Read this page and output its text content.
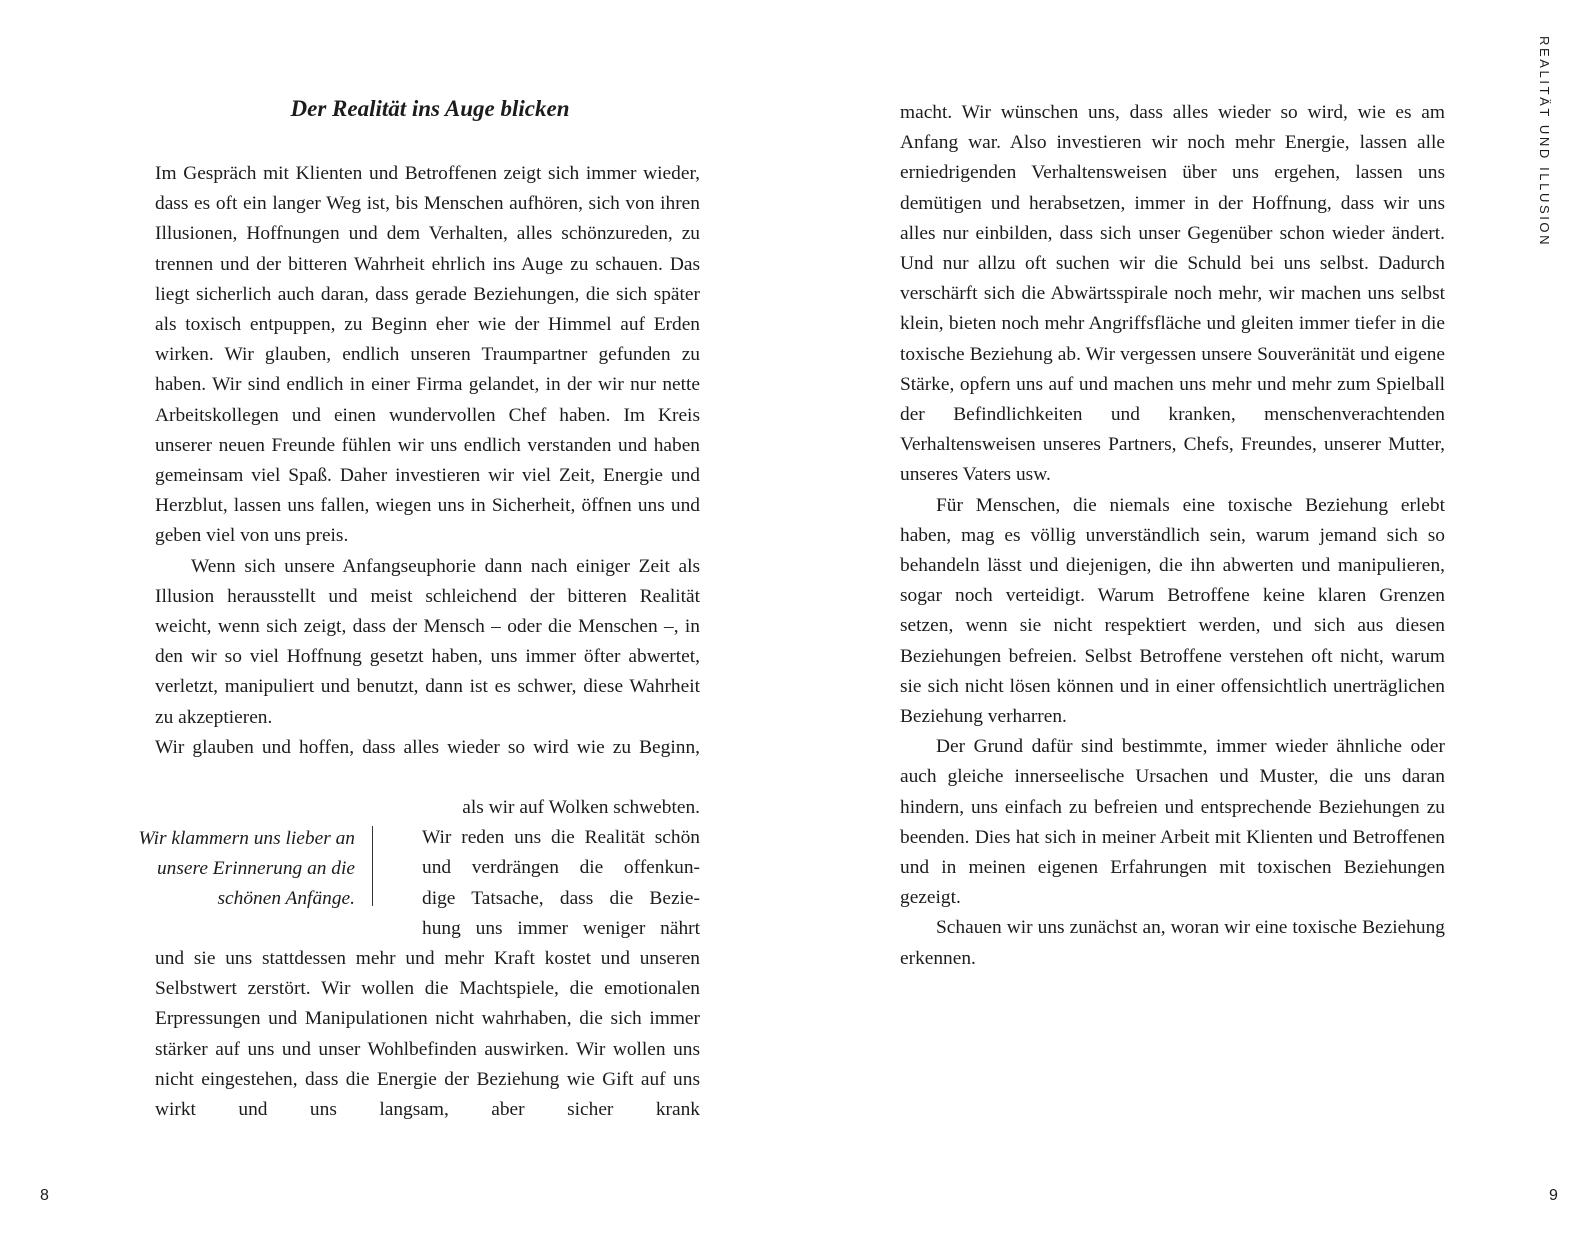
Der Realität ins Auge blicken

Im Gespräch mit Klienten und Betroffenen zeigt sich immer wieder, dass es oft ein langer Weg ist, bis Menschen aufhören, sich von ihren Illusionen, Hoffnungen und dem Verhalten, alles schönzureden, zu trennen und der bitteren Wahrheit ehrlich ins Auge zu schauen. Das liegt sicherlich auch daran, dass gerade Beziehungen, die sich später als toxisch entpuppen, zu Beginn eher wie der Himmel auf Erden wirken. Wir glauben, endlich unseren Traumpartner gefunden zu haben. Wir sind endlich in einer Firma gelandet, in der wir nur nette Arbeitskollegen und einen wundervollen Chef haben. Im Kreis unserer neuen Freunde fühlen wir uns endlich verstanden und haben gemeinsam viel Spaß. Daher investieren wir viel Zeit, Energie und Herzblut, lassen uns fallen, wiegen uns in Sicherheit, öffnen uns und geben viel von uns preis.

Wenn sich unsere Anfangseuphorie dann nach einiger Zeit als Illusion herausstellt und meist schleichend der bitteren Realität weicht, wenn sich zeigt, dass der Mensch – oder die Menschen –, in den wir so viel Hoffnung gesetzt haben, uns immer öfter abwertet, verletzt, manipuliert und benutzt, dann ist es schwer, diese Wahrheit zu akzeptieren.

Wir glauben und hoffen, dass alles wieder so wird wie zu Beginn,

als wir auf Wolken schwebten.
Wir reden uns die Realität schön
und verdrängen die offenkun-
dige Tatsache, dass die Bezie-
hung uns immer weniger nährt
Wir klammern uns lieber an
unsere Erinnerung an die
schönen Anfänge.

und sie uns stattdessen mehr und mehr Kraft kostet und unseren Selbstwert zerstört. Wir wollen die Machtspiele, die emotionalen Erpressungen und Manipulationen nicht wahrhaben, die sich immer stärker auf uns und unser Wohlbefinden auswirken. Wir wollen uns nicht eingestehen, dass die Energie der Beziehung wie Gift auf uns wirkt und uns langsam, aber sicher krank

8

macht. Wir wünschen uns, dass alles wieder so wird, wie es am Anfang war. Also investieren wir noch mehr Energie, lassen alle erniedrigenden Verhaltensweisen über uns ergehen, lassen uns demütigen und herabsetzen, immer in der Hoffnung, dass wir uns alles nur einbilden, dass sich unser Gegenüber schon wieder ändert. Und nur allzu oft suchen wir die Schuld bei uns selbst. Dadurch verschärft sich die Abwärtsspirale noch mehr, wir machen uns selbst klein, bieten noch mehr Angriffsfläche und gleiten immer tiefer in die toxische Beziehung ab. Wir vergessen unsere Souveränität und eigene Stärke, opfern uns auf und machen uns mehr und mehr zum Spielball der Befindlichkeiten und kranken, menschenverachtenden Verhaltensweisen unseres Partners, Chefs, Freundes, unserer Mutter, unseres Vaters usw.

Für Menschen, die niemals eine toxische Beziehung erlebt haben, mag es völlig unverständlich sein, warum jemand sich so behandeln lässt und diejenigen, die ihn abwerten und manipulieren, sogar noch verteidigt. Warum Betroffene keine klaren Grenzen setzen, wenn sie nicht respektiert werden, und sich aus diesen Beziehungen befreien. Selbst Betroffene verstehen oft nicht, warum sie sich nicht lösen können und in einer offensichtlich unerträglichen Beziehung verharren.

Der Grund dafür sind bestimmte, immer wieder ähnliche oder auch gleiche innerseelische Ursachen und Muster, die uns daran hindern, uns einfach zu befreien und entsprechende Beziehungen zu beenden. Dies hat sich in meiner Arbeit mit Klienten und Betroffenen und in meinen eigenen Erfahrungen mit toxischen Beziehungen gezeigt.

Schauen wir uns zunächst an, woran wir eine toxische Beziehung erkennen.

REALITÄT UND ILLUSION
9
